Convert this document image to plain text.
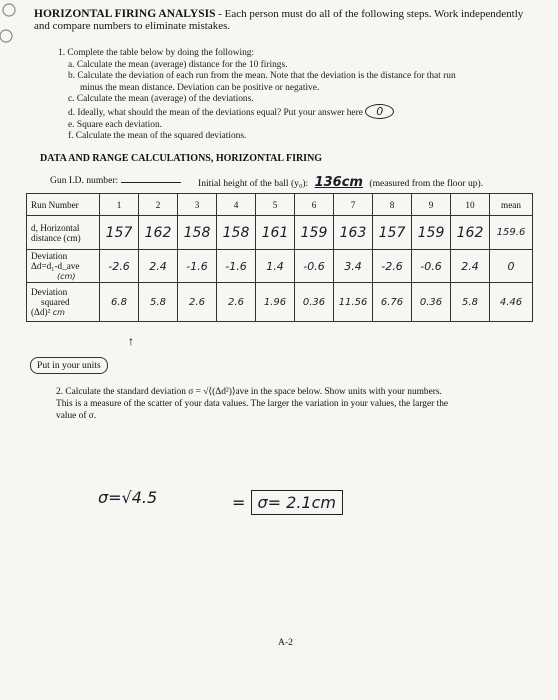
HORIZONTAL FIRING ANALYSIS - Each person must do all of the following steps. Work independently
and compare numbers to eliminate mistakes.
1. Complete the table below by doing the following:
a. Calculate the mean (average) distance for the 10 firings.
b. Calculate the deviation of each run from the mean. Note that the deviation is the distance for that run
minus the mean distance. Deviation can be positive or negative.
c. Calculate the mean (average) of the deviations.
d. Ideally, what should the mean of the deviations equal? Put your answer here 0
e. Square each deviation.
f. Calculate the mean of the squared deviations.
DATA AND RANGE CALCULATIONS, HORIZONTAL FIRING
Gun I.D. number:	Initial height of the ball (y₀): 136cm (measured from the floor up).
Run Number	1	2	3	4	5	6	7	8	9	10	mean
d, Horizontal
distance (cm)	157	162	158	158	161	159	163	157	159	162	159.6
Deviation
Δd=d₁-d_ave
(cm)	-2.6	2.4	-1.6	-1.6	1.4	-0.6	3.4	-2.6	-0.6	2.4	0
Deviation
squared
(Δd)² cm	6.8	5.8	2.6	2.6	1.96	0.36	11.56	6.76	0.36	5.8	4.46
↑
Put in your units
2. Calculate the standard deviation σ = √⟨(Δd²)⟩ave in the space below. Show units with your numbers.
This is a measure of the scatter of your data values. The larger the variation in your values, the larger the
value of σ.
σ=√4.5	= σ= 2.1cm
A-2
